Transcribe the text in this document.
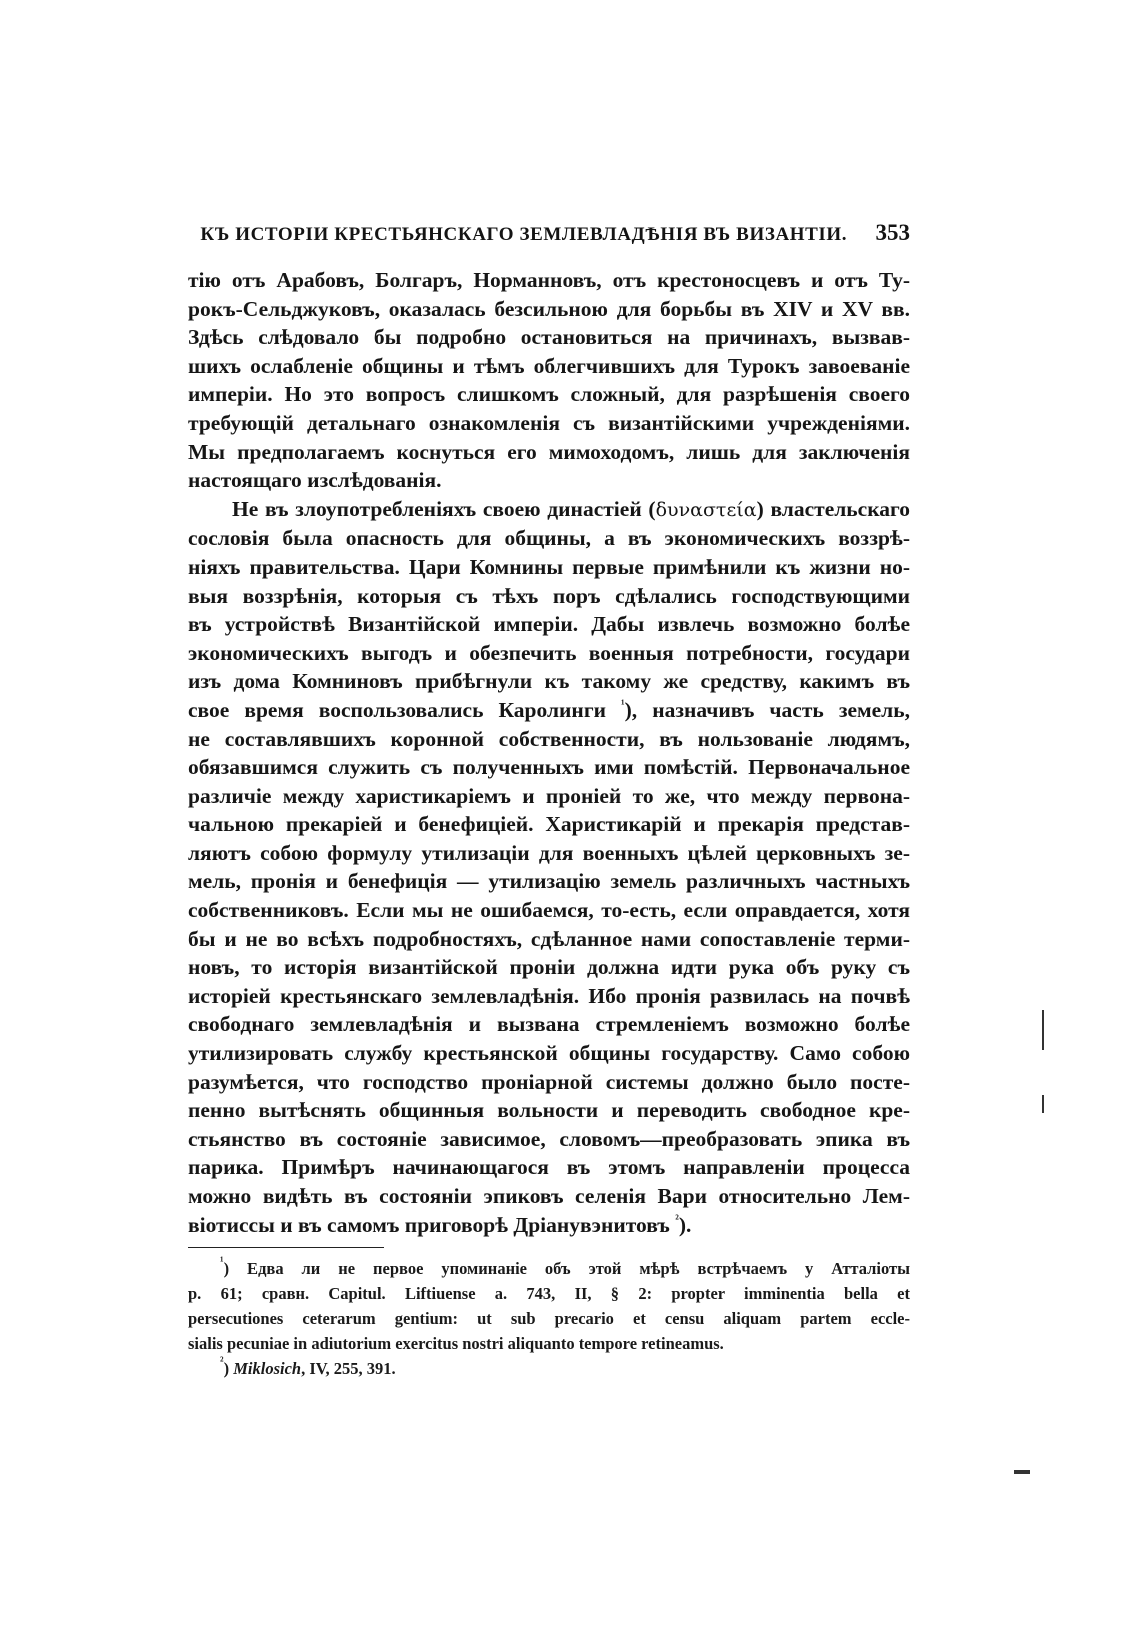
КЪ ИСТОРІИ КРЕСТЬЯНСКАГО ЗЕМЛЕВЛАДѢНІЯ ВЪ ВИЗАНТІИ.	353
тію отъ Арабовъ, Болгаръ, Норманновъ, отъ крестоносцевъ и отъ Ту-
рокъ-Сельджуковъ, оказалась безсильною для борьбы въ XIV и XV вв.
Здѣсь слѣдовало бы подробно остановиться на причинахъ, вызвав-
шихъ ослабленіе общины и тѣмъ облегчившихъ для Турокъ завоеваніе
имперіи. Но это вопросъ слишкомъ сложный, для разрѣшенія своего
требующій детальнаго ознакомленія съ византійскими учрежденіями.
Мы предполагаемъ коснуться его мимоходомъ, лишь для заключенія
настоящаго изслѣдованія.
Не въ злоупотребленіяхъ своею династіей (δυναστεία) властельскаго
сословія была опасность для общины, а въ экономическихъ воззрѣ-
ніяхъ правительства. Цари Комнины первые примѣнили къ жизни но-
выя воззрѣнія, которыя съ тѣхъ поръ сдѣлались господствующими
въ устройствѣ Византійской имперіи. Дабы извлечь возможно болѣе
экономическихъ выгодъ и обезпечить военныя потребности, государи
изъ дома Комниновъ прибѣгнули къ такому же средству, какимъ въ
свое время воспользовались Каролинги $^{^1}$), назначивъ часть земель,
не составлявшихъ коронной собственности, въ нользованіе людямъ,
обязавшимся служить съ полученныхъ ими помѣстій. Первоначальное
различіе между харистикаріемъ и проніей то же, что между первона-
чальною прекаріей и бенефиціей. Харистикарій и прекарія представ-
ляютъ собою формулу утилизаціи для военныхъ цѣлей церковныхъ зе-
мель, пронія и бенефиція — утилизацію земель различныхъ частныхъ
собственниковъ. Если мы не ошибаемся, то-есть, если оправдается, хотя
бы и не во всѣхъ подробностяхъ, сдѣланное нами сопоставленіе терми-
новъ, то исторія византійской проніи должна идти рука объ руку съ
исторіей крестьянскаго землевладѣнія. Ибо пронія развилась на почвѣ
свободнаго землевладѣнія и вызвана стремленіемъ возможно болѣе
утилизировать службу крестьянской общины государству. Само собою
разумѣется, что господство проніарной системы должно было посте-
пенно вытѣснять общинныя вольности и переводить свободное кре-
стьянство въ состояніе зависимое, словомъ—преобразовать эпика въ
парика. Примѣръ начинающагося въ этомъ направленіи процесса
можно видѣть въ состояніи эпиковъ селенія Вари относительно Лем-
віотиссы и въ самомъ приговорѣ Дріанувэнитовъ $^{^2}$).
$^{^1}$) Едва ли не первое упоминаніе объ этой мѣрѣ встрѣчаемъ у Атталіоты
p. 61; сравн. Capitul. Liftiuense a. 743, II, § 2: propter imminentia bella et
persecutiones ceterarum gentium: ut sub precario et censu aliquam partem eccle-
sialis pecuniae in adiutorium exercitus nostri aliquanto tempore retineamus.
$^{^2}$) Miklosich, IV, 255, 391.
